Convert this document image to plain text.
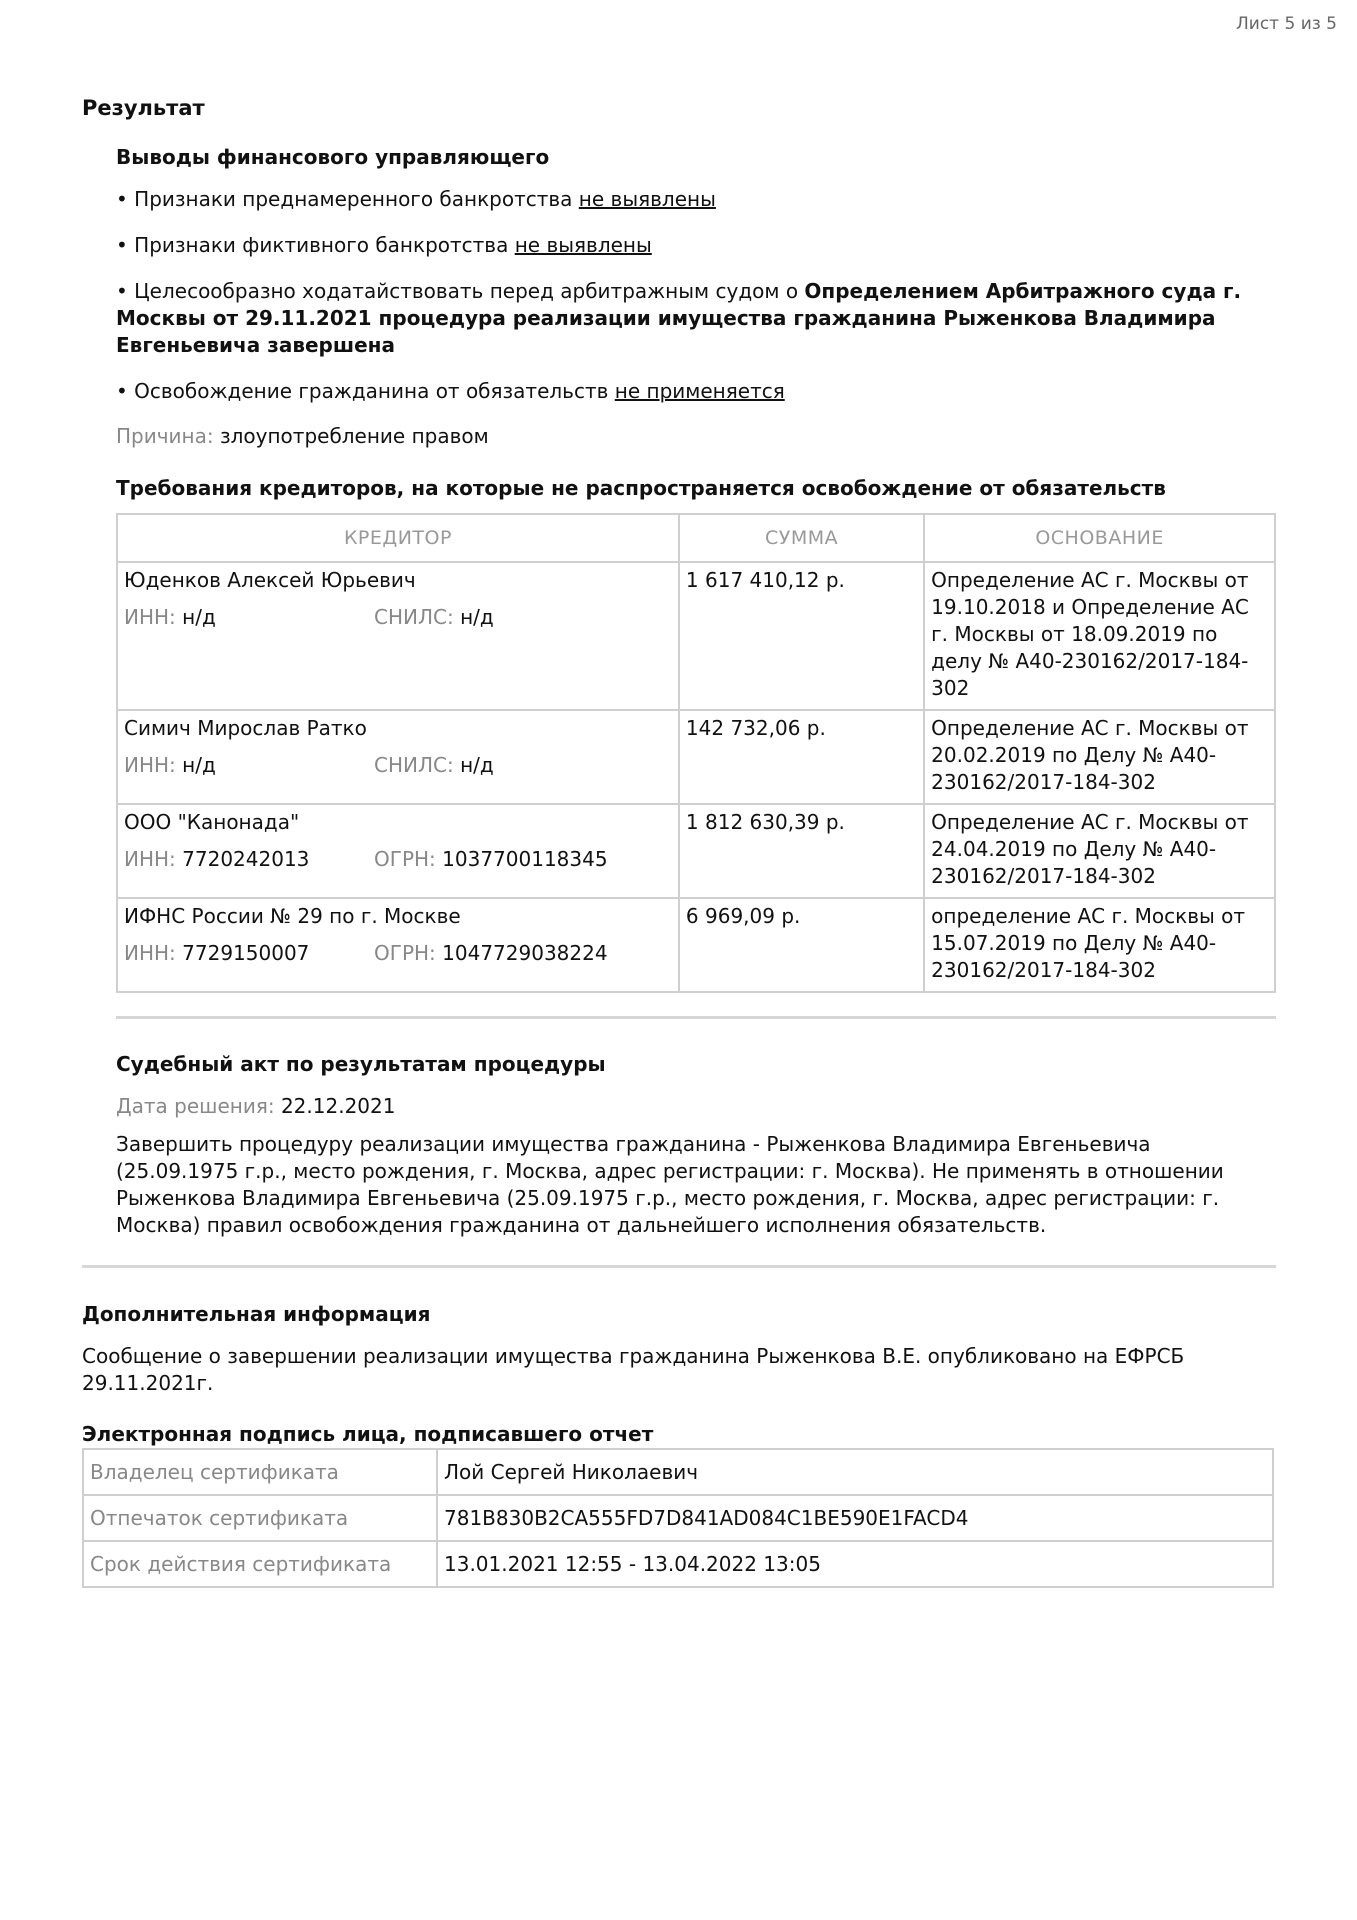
Лист 5 из 5
Результат

Выводы финансового управляющего

• Признаки преднамеренного банкротства не выявлены

• Признаки фиктивного банкротства не выявлены

• Целесообразно ходатайствовать перед арбитражным судом о Определением Арбитражного суда г. Москвы от 29.11.2021 процедура реализации имущества гражданина Рыженкова Владимира Евгеньевича завершена

• Освобождение гражданина от обязательств не применяется

Причина: злоупотребление правом

Требования кредиторов, на которые не распространяется освобождение от обязательств

КРЕДИТОР	СУММА	ОСНОВАНИЕ

Юденков Алексей Юрьевич
ИНН: н/д СНИЛС: н/д	1 617 410,12 р.	Определение АС г. Москвы от 19.10.2018 и Определение АС г. Москвы от 18.09.2019 по делу № А40-230162/2017-184-302

Симич Мирослав Ратко
ИНН: н/д СНИЛС: н/д	142 732,06 р.	Определение АС г. Москвы от 20.02.2019 по Делу № А40-230162/2017-184-302

ООО "Канонада"
ИНН: 7720242013 ОГРН: 1037700118345	1 812 630,39 р.	Определение АС г. Москвы от 24.04.2019 по Делу № А40-230162/2017-184-302

ИФНС России № 29 по г. Москве
ИНН: 7729150007 ОГРН: 1047729038224	6 969,09 р.	определение АС г. Москвы от 15.07.2019 по Делу № А40-230162/2017-184-302

Судебный акт по результатам процедуры

Дата решения: 22.12.2021

Завершить процедуру реализации имущества гражданина - Рыженкова Владимира Евгеньевича (25.09.1975 г.р., место рождения, г. Москва, адрес регистрации: г. Москва). Не применять в отношении Рыженкова Владимира Евгеньевича (25.09.1975 г.р., место рождения, г. Москва, адрес регистрации: г. Москва) правил освобождения гражданина от дальнейшего исполнения обязательств.

Дополнительная информация

Сообщение о завершении реализации имущества гражданина Рыженкова В.Е. опубликовано на ЕФРСБ 29.11.2021г.

Электронная подпись лица, подписавшего отчет

Владелец сертификата	Лой Сергей Николаевич
Отпечаток сертификата	781B830B2CA555FD7D841AD084C1BE590E1FACD4
Срок действия сертификата	13.01.2021 12:55 - 13.04.2022 13:05
